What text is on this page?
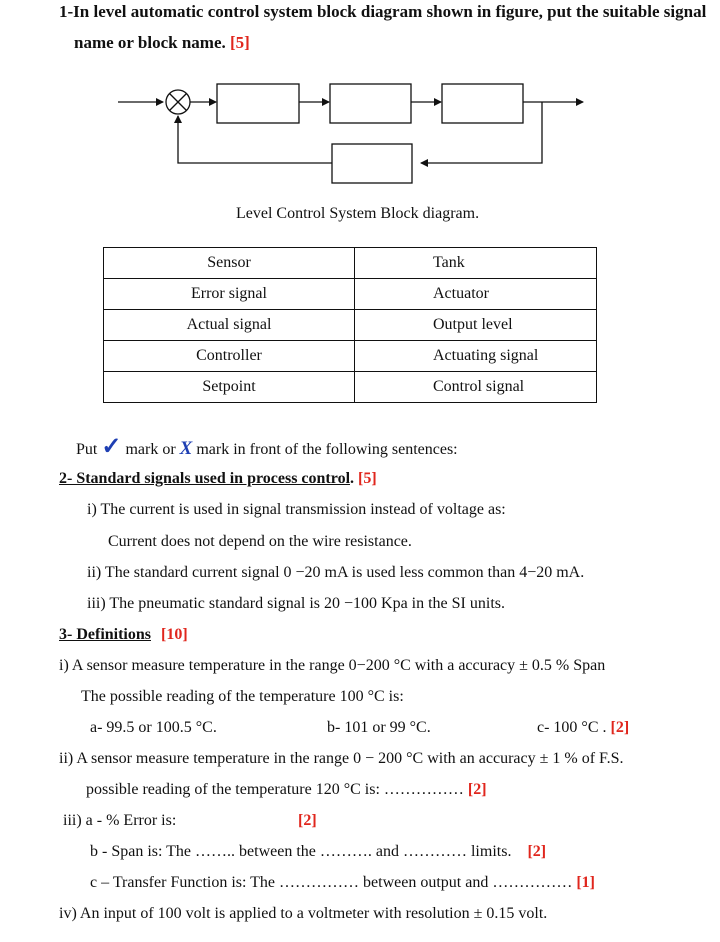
1-In level automatic control system block diagram shown in figure, put the suitable signal
name or block name. [5]
Level Control System Block diagram.
Sensor	Tank
Error signal	Actuator
Actual signal	Output level
Controller	Actuating signal
Setpoint	Control signal
Put ✓ mark or X mark in front of the following sentences:
2- Standard signals used in process control. [5]
i) The current is used in signal transmission instead of voltage as:
Current does not depend on the wire resistance.
ii) The standard current signal 0 −20 mA is used less common than 4−20 mA.
iii) The pneumatic standard signal is 20 −100 Kpa in the SI units.
3- Definitions [10]
i) A sensor measure temperature in the range 0−200 °C with a accuracy ± 0.5 % Span
The possible reading of the temperature 100 °C is:
a- 99.5 or 100.5 °C.	b- 101 or 99 °C.	c- 100 °C . [2]
ii) A sensor measure temperature in the range 0 − 200 °C with an accuracy ± 1 % of F.S.
possible reading of the temperature 120 °C is: …………… [2]
iii) a - % Error is:	[2]
b - Span is: The …….. between the ………. and ………… limits. [2]
c – Transfer Function is: The …………… between output and …………… [1]
iv) An input of 100 volt is applied to a voltmeter with resolution ± 0.15 volt.
